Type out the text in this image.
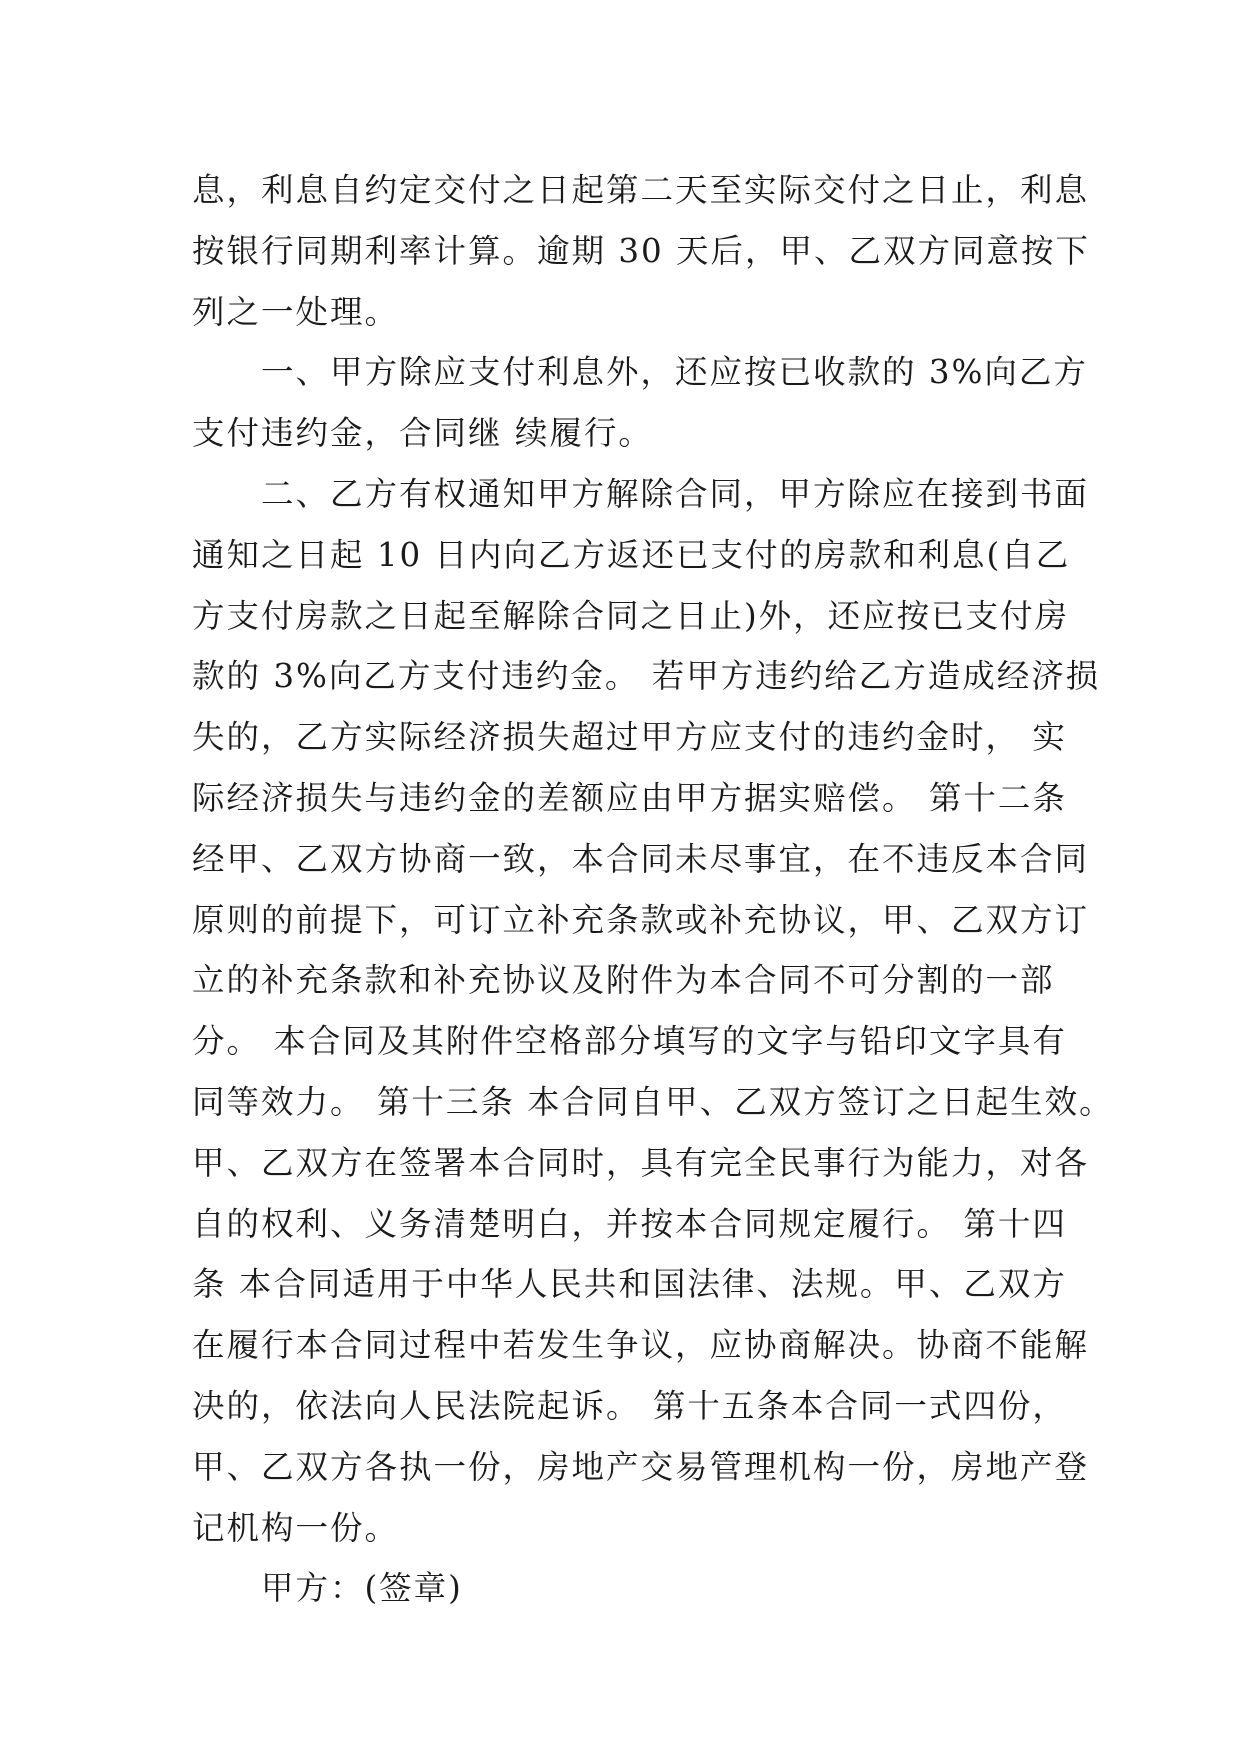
息，利息自约定交付之日起第二天至实际交付之日止，利息
按银行同期利率计算。逾期 30 天后，甲、乙双方同意按下
列之一处理。
　　一、甲方除应支付利息外，还应按已收款的 3%向乙方
支付违约金，合同继 续履行。
　　二、乙方有权通知甲方解除合同，甲方除应在接到书面
通知之日起 10 日内向乙方返还已支付的房款和利息(自乙
方支付房款之日起至解除合同之日止)外，还应按已支付房
款的 3%向乙方支付违约金。 若甲方违约给乙方造成经济损
失的，乙方实际经济损失超过甲方应支付的违约金时， 实
际经济损失与违约金的差额应由甲方据实赔偿。 第十二条
经甲、乙双方协商一致，本合同未尽事宜，在不违反本合同
原则的前提下，可订立补充条款或补充协议，甲、乙双方订
立的补充条款和补充协议及附件为本合同不可分割的一部
分。 本合同及其附件空格部分填写的文字与铅印文字具有
同等效力。 第十三条 本合同自甲、乙双方签订之日起生效。
甲、乙双方在签署本合同时，具有完全民事行为能力，对各
自的权利、义务清楚明白，并按本合同规定履行。 第十四
条 本合同适用于中华人民共和国法律、法规。甲、乙双方
在履行本合同过程中若发生争议，应协商解决。协商不能解
决的，依法向人民法院起诉。 第十五条本合同一式四份，
甲、乙双方各执一份，房地产交易管理机构一份，房地产登
记机构一份。
　　甲方：(签章)
